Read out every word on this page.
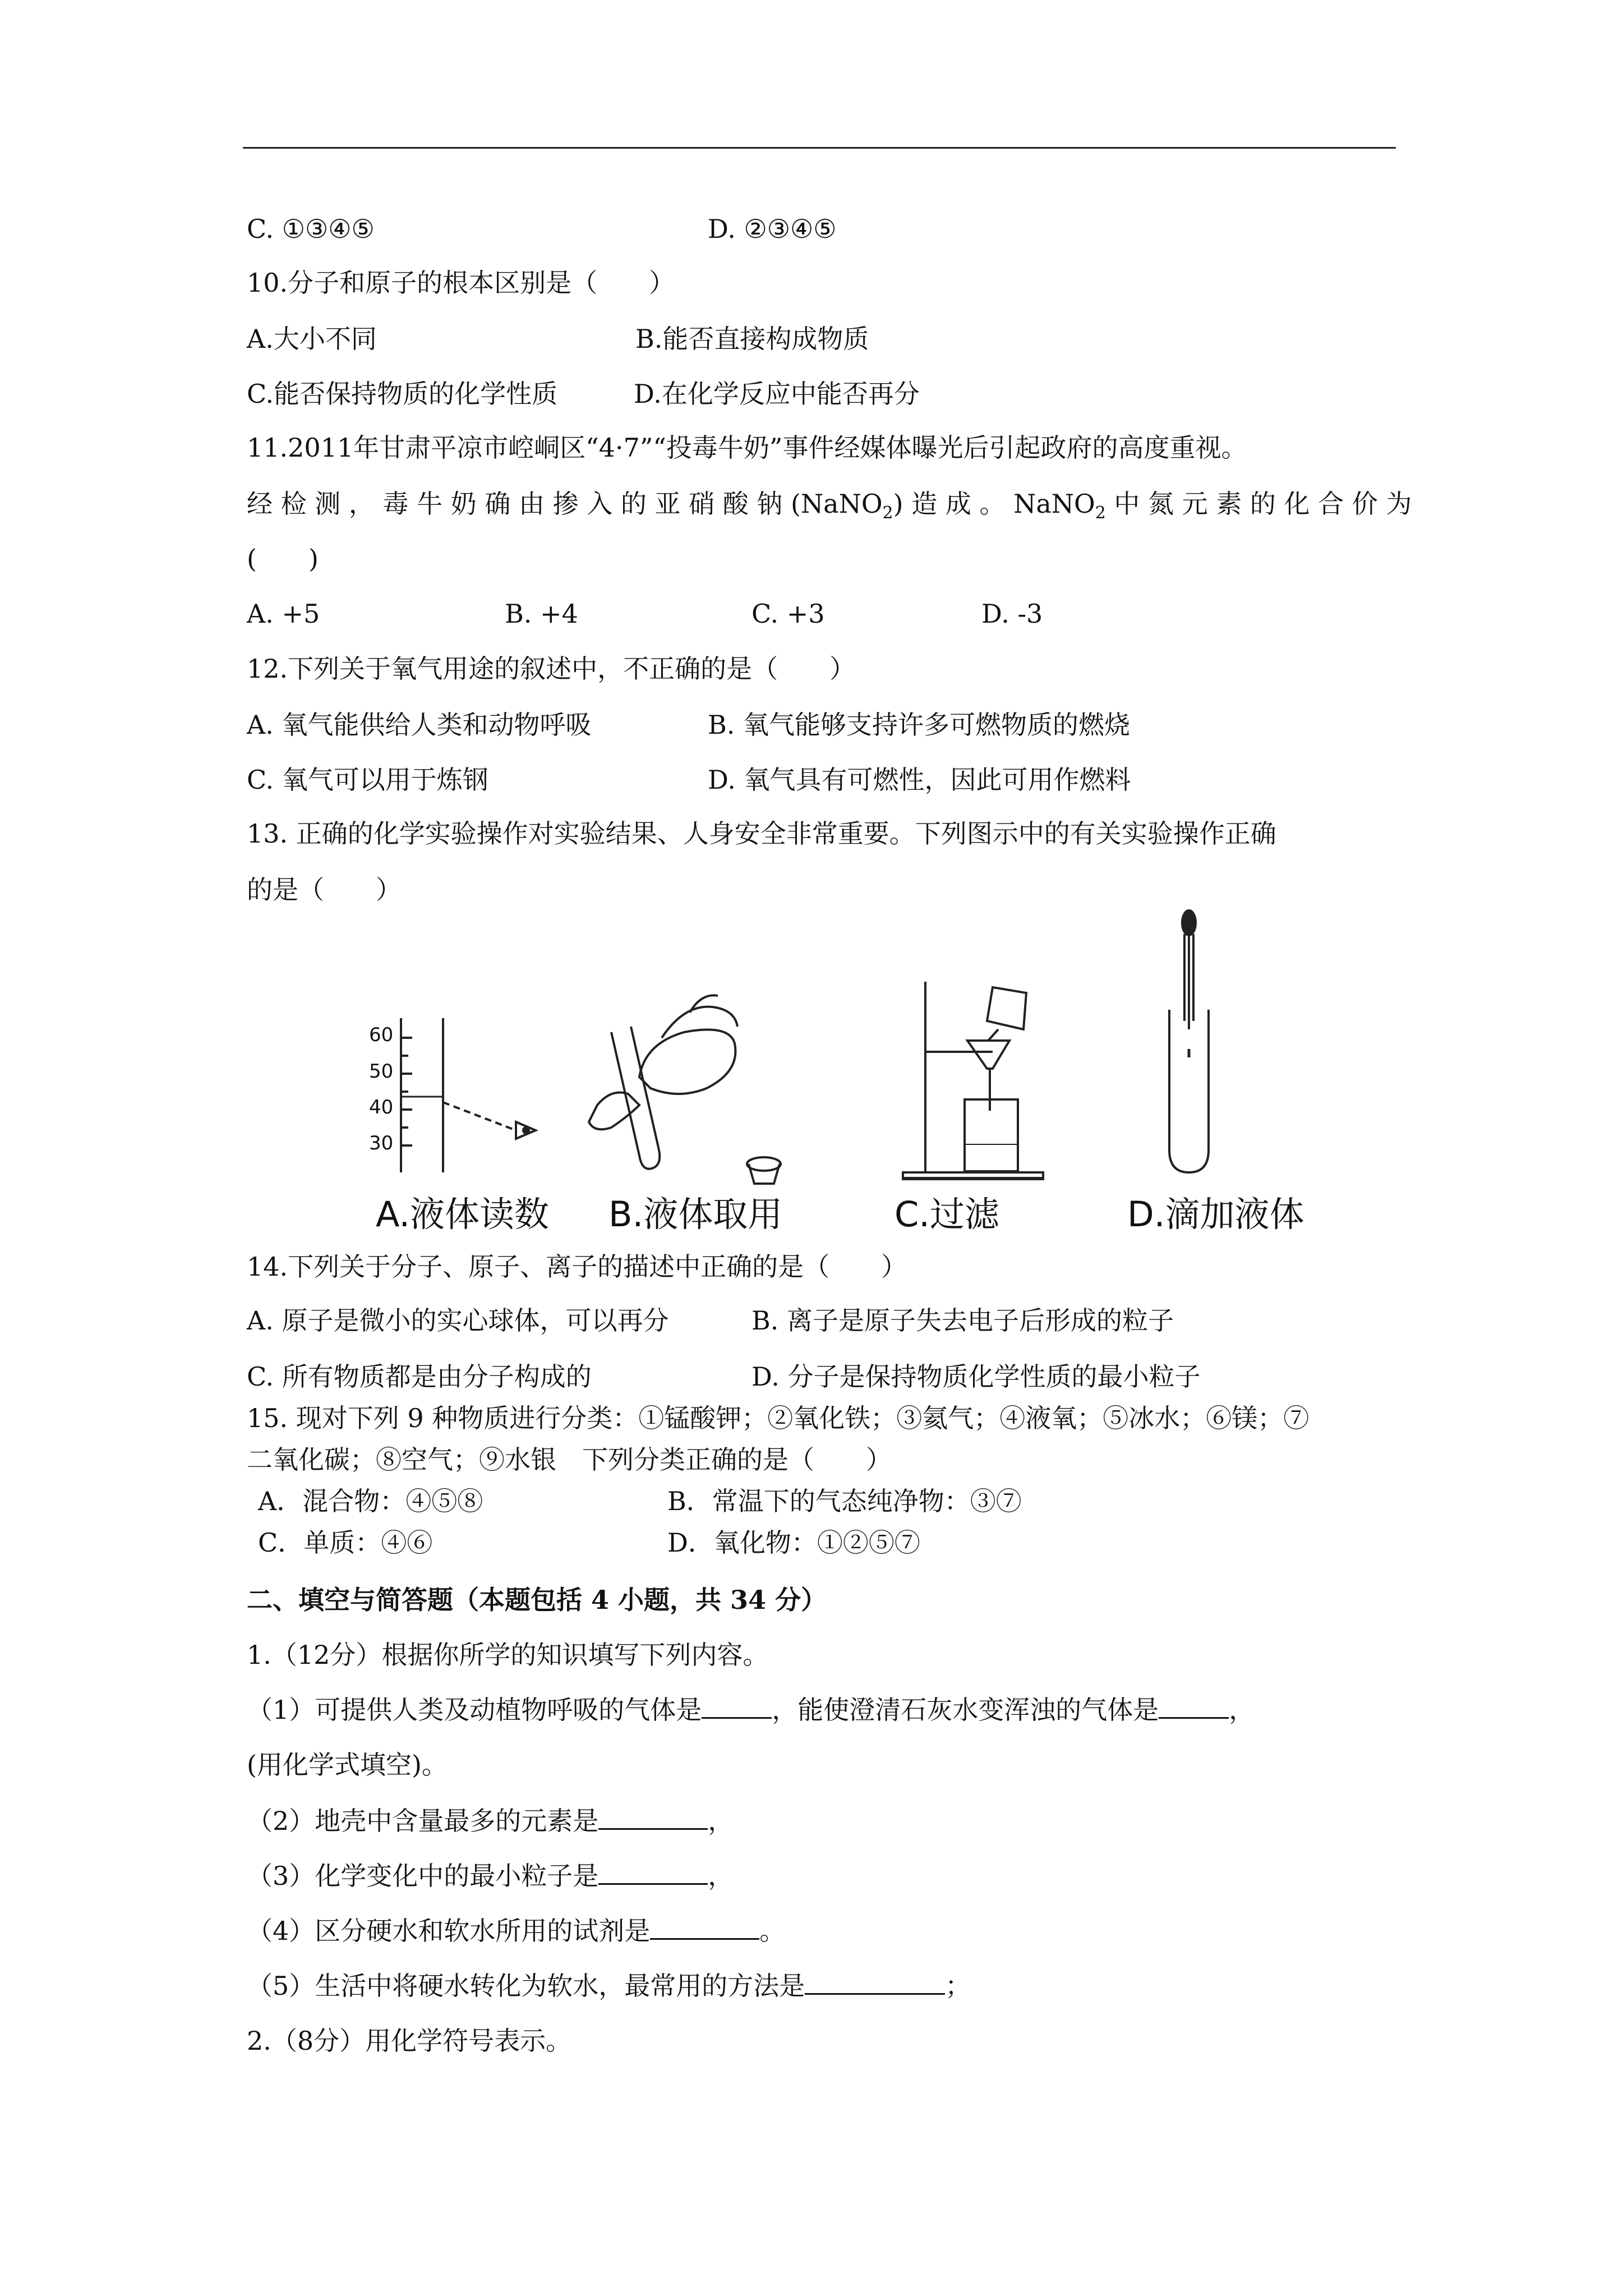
C. ①③④⑤	D. ②③④⑤
10.分子和原子的根本区别是（　　）
A.大小不同	B.能否直接构成物质
C.能否保持物质的化学性质	D.在化学反应中能否再分
11.2011年甘肃平凉市崆峒区“4·7”“投毒牛奶”事件经媒体曝光后引起政府的高度重视。
经 检 测 ， 毒 牛 奶 确 由 掺 入 的 亚 硝 酸 钠 (NaNO$_2$) 造 成 。 NaNO$_2$ 中 氮 元 素 的 化 合 价 为
(　　)
A. +5	B. +4	C. +3	D. -3
12.下列关于氧气用途的叙述中，不正确的是（　　）
A. 氧气能供给人类和动物呼吸	B. 氧气能够支持许多可燃物质的燃烧
C. 氧气可以用于炼钢	D. 氧气具有可燃性，因此可用作燃料
13. 正确的化学实验操作对实验结果、人身安全非常重要。下列图示中的有关实验操作正确
的是（　　）
60
50
40
30
A.液体读数 B.液体取用	C.过滤	D.滴加液体
14.下列关于分子、原子、离子的描述中正确的是（　　）
A. 原子是微小的实心球体，可以再分	B. 离子是原子失去电子后形成的粒子
C. 所有物质都是由分子构成的	D. 分子是保持物质化学性质的最小粒子
15. 现对下列 9 种物质进行分类：①锰酸钾；②氧化铁；③氦气；④液氧；⑤冰水；⑥镁；⑦
二氧化碳；⑧空气；⑨水银　下列分类正确的是（　　）
A．混合物：④⑤⑧	B．常温下的气态纯净物：③⑦
C．单质：④⑥	D．氧化物：①②⑤⑦
二、填空与简答题（本题包括 4 小题，共 34 分）
1.（12分）根据你所学的知识填写下列内容。
（1）可提供人类及动植物呼吸的气体是	，能使澄清石灰水变浑浊的气体是	，
(用化学式填空)。
（2）地壳中含量最多的元素是	，
（3）化学变化中的最小粒子是	，
（4）区分硬水和软水所用的试剂是	。
（5）生活中将硬水转化为软水，最常用的方法是	；
2.（8分）用化学符号表示。
